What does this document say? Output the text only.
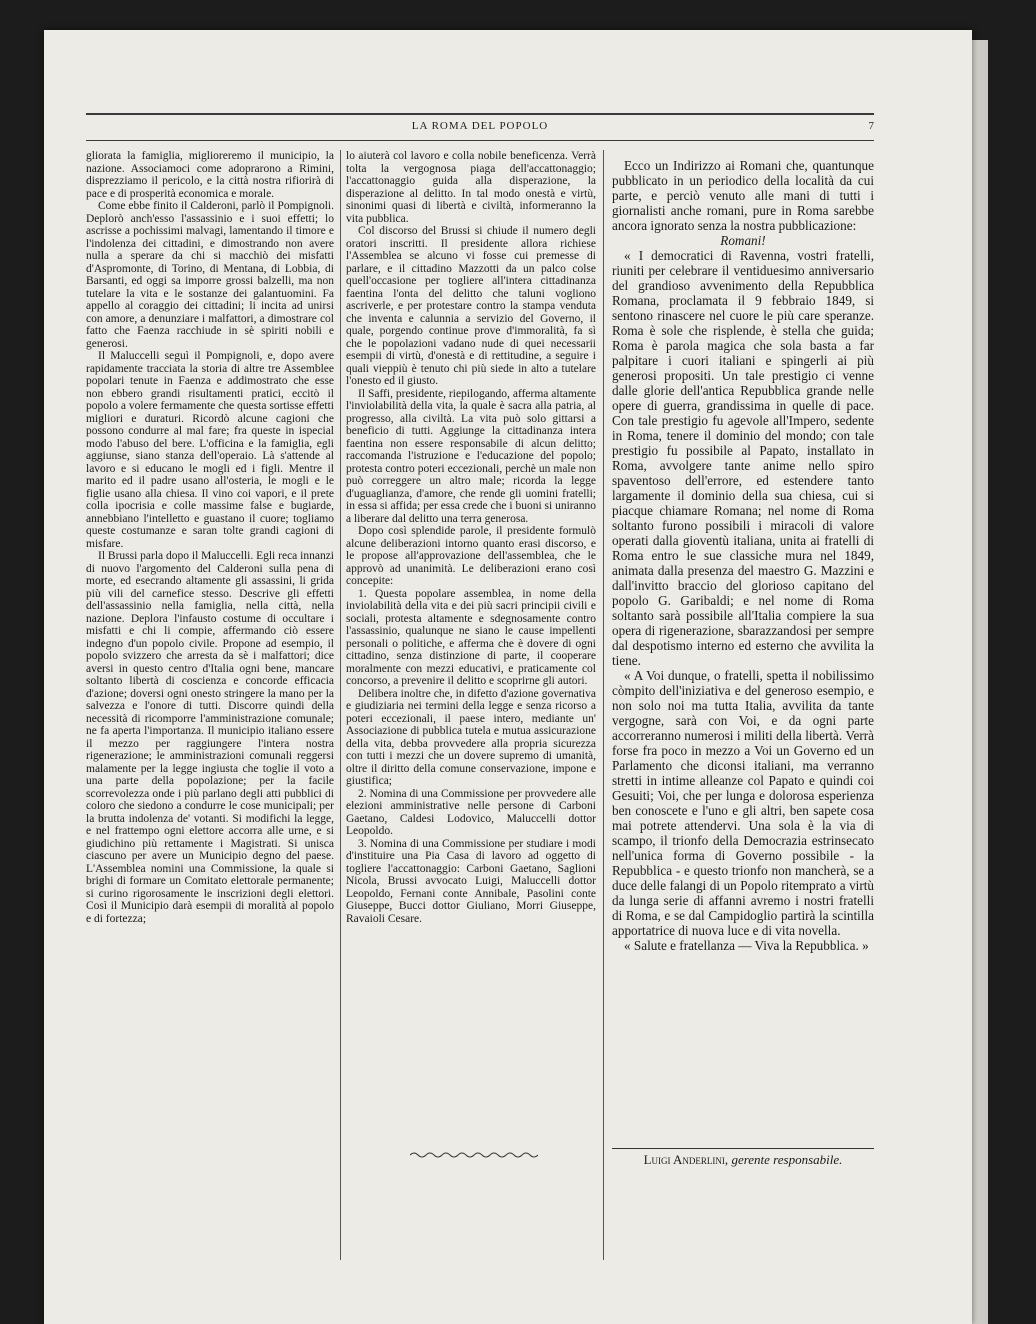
LA ROMA DEL POPOLO	7

gliorata la famiglia, miglioreremo il municipio, la nazione. Associamoci come adoprarono a Rimini, disprezziamo il pericolo, e la città nostra rifiorirà di pace e di prosperità economica e morale.

Come ebbe finito il Calderoni, parlò il Pompignoli. Deplorò anch'esso l'assassinio e i suoi effetti; lo ascrisse a pochissimi malvagi, lamentando il timore e l'indolenza dei cittadini, e dimostrando non avere nulla a sperare da chi si macchiò dei misfatti d'Aspromonte, di Torino, di Mentana, di Lobbia, di Barsanti, ed oggi sa imporre grossi balzelli, ma non tutelare la vita e le sostanze dei galantuomini. Fa appello al coraggio dei cittadini; li incita ad unirsi con amore, a denunziare i malfattori, a dimostrare col fatto che Faenza racchiude in sè spiriti nobili e generosi.

Il Maluccelli seguì il Pompignoli, e, dopo avere rapidamente tracciata la storia di altre tre Assemblee popolari tenute in Faenza e addimostrato che esse non ebbero grandi risultamenti pratici, eccitò il popolo a volere fermamente che questa sortisse effetti migliori e duraturi. Ricordò alcune cagioni che possono condurre al mal fare; fra queste in ispecial modo l'abuso del bere. L'officina e la famiglia, egli aggiunse, siano stanza dell'operaio. Là s'attende al lavoro e si educano le mogli ed i figli. Mentre il marito ed il padre usano all'osteria, le mogli e le figlie usano alla chiesa. Il vino coi vapori, e il prete colla ipocrisia e colle massime false e bugiarde, annebbiano l'intelletto e guastano il cuore; togliamo queste costumanze e saran tolte grandi cagioni di misfare.

Il Brussi parla dopo il Maluccelli. Egli reca innanzi di nuovo l'argomento del Calderoni sulla pena di morte, ed esecrando altamente gli assassini, li grida più vili del carnefice stesso. Descrive gli effetti dell'assassinio nella famiglia, nella città, nella nazione. Deplora l'infausto costume di occultare i misfatti e chi li compie, affermando ciò essere indegno d'un popolo civile. Propone ad esempio, il popolo svizzero che arresta da sè i malfattori; dice aversi in questo centro d'Italia ogni bene, mancare soltanto libertà di coscienza e concorde efficacia d'azione; doversi ogni onesto stringere la mano per la salvezza e l'onore di tutti. Discorre quindi della necessità di ricomporre l'amministrazione comunale; ne fa aperta l'importanza. Il municipio italiano essere il mezzo per raggiungere l'intera nostra rigenerazione; le amministrazioni comunali reggersi malamente per la legge ingiusta che toglie il voto a una parte della popolazione; per la facile scorrevolezza onde i più parlano degli atti pubblici di coloro che siedono a condurre le cose municipali; per la brutta indolenza de' votanti. Si modifichi la legge, e nel frattempo ogni elettore accorra alle urne, e si giudichino più rettamente i Magistrati. Si unisca ciascuno per avere un Municipio degno del paese. L'Assemblea nomini una Commissione, la quale si brighi di formare un Comitato elettorale permanente; si curino rigorosamente le inscrizioni degli elettori. Così il Municipio darà esempii di moralità al popolo e di fortezza;

lo aiuterà col lavoro e colla nobile beneficenza. Verrà tolta la vergognosa piaga dell'accattonaggio; l'accattonaggio guida alla disperazione, la disperazione al delitto. In tal modo onestà e virtù, sinonimi quasi di libertà e civiltà, informeranno la vita pubblica.

Col discorso del Brussi si chiude il numero degli oratori inscritti. Il presidente allora richiese l'Assemblea se alcuno vi fosse cui premesse di parlare, e il cittadino Mazzotti da un palco colse quell'occasione per togliere all'intera cittadinanza faentina l'onta del delitto che taluni vogliono ascriverle, e per protestare contro la stampa venduta che inventa e calunnia a servizio del Governo, il quale, porgendo continue prove d'immoralità, fa sì che le popolazioni vadano nude di quei necessarii esempii di virtù, d'onestà e di rettitudine, a seguire i quali vieppiù è tenuto chi più siede in alto a tutelare l'onesto ed il giusto.

Il Saffi, presidente, riepilogando, afferma altamente l'inviolabilità della vita, la quale è sacra alla patria, al progresso, alla civiltà. La vita può solo gittarsi a beneficio di tutti. Aggiunge la cittadinanza intera faentina non essere responsabile di alcun delitto; raccomanda l'istruzione e l'educazione del popolo; protesta contro poteri eccezionali, perchè un male non può correggere un altro male; ricorda la legge d'uguaglianza, d'amore, che rende gli uomini fratelli; in essa si affida; per essa crede che i buoni si uniranno a liberare dal delitto una terra generosa.

Dopo così splendide parole, il presidente formulò alcune deliberazioni intorno quanto erasi discorso, e le propose all'approvazione dell'assemblea, che le approvò ad unanimità. Le deliberazioni erano così concepite:

1. Questa popolare assemblea, in nome della inviolabilità della vita e dei più sacri principii civili e sociali, protesta altamente e sdegnosamente contro l'assassinio, qualunque ne siano le cause impellenti personali o politiche, e afferma che è dovere di ogni cittadino, senza distinzione di parte, il cooperare moralmente con mezzi educativi, e praticamente col concorso, a prevenire il delitto e scoprirne gli autori.

Delibera inoltre che, in difetto d'azione governativa e giudiziaria nei termini della legge e senza ricorso a poteri eccezionali, il paese intero, mediante un' Associazione di pubblica tutela e mutua assicurazione della vita, debba provvedere alla propria sicurezza con tutti i mezzi che un dovere supremo di umanità, oltre il diritto della comune conservazione, impone e giustifica;

2. Nomina di una Commissione per provvedere alle elezioni amministrative nelle persone di Carboni Gaetano, Caldesi Lodovico, Maluccelli dottor Leopoldo.

3. Nomina di una Commissione per studiare i modi d'instituire una Pia Casa di lavoro ad oggetto di togliere l'accattonaggio: Carboni Gaetano, Saglioni Nicola, Brussi avvocato Luigi, Maluccelli dottor Leopoldo, Fernani conte Annibale, Pasolini conte Giuseppe, Bucci dottor Giuliano, Morri Giuseppe, Ravaioli Cesare.

Ecco un Indirizzo ai Romani che, quantunque pubblicato in un periodico della località da cui parte, e perciò venuto alle mani di tutti i giornalisti anche romani, pure in Roma sarebbe ancora ignorato senza la nostra pubblicazione:

Romani!

« I democratici di Ravenna, vostri fratelli, riuniti per celebrare il ventiduesimo anniversario del grandioso avvenimento della Repubblica Romana, proclamata il 9 febbraio 1849, si sentono rinascere nel cuore le più care speranze. Roma è sole che risplende, è stella che guida; Roma è parola magica che sola basta a far palpitare i cuori italiani e spingerli ai più generosi propositi. Un tale prestigio ci venne dalle glorie dell'antica Repubblica grande nelle opere di guerra, grandissima in quelle di pace. Con tale prestigio fu agevole all'Impero, sedente in Roma, tenere il dominio del mondo; con tale prestigio fu possibile al Papato, installato in Roma, avvolgere tante anime nello spiro spaventoso dell'errore, ed estendere tanto largamente il dominio della sua chiesa, cui si piacque chiamare Romana; nel nome di Roma soltanto furono possibili i miracoli di valore operati dalla gioventù italiana, unita ai fratelli di Roma entro le sue classiche mura nel 1849, animata dalla presenza del maestro G. Mazzini e dall'invitto braccio del glorioso capitano del popolo G. Garibaldi; e nel nome di Roma soltanto sarà possibile all'Italia compiere la sua opera di rigenerazione, sbarazzandosi per sempre dal despotismo interno ed esterno che avvilita la tiene.

« A Voi dunque, o fratelli, spetta il nobilissimo còmpito dell'iniziativa e del generoso esempio, e non solo noi ma tutta Italia, avvilita da tante vergogne, sarà con Voi, e da ogni parte accorreranno numerosi i militi della libertà. Verrà forse fra poco in mezzo a Voi un Governo ed un Parlamento che diconsi italiani, ma verranno stretti in intime alleanze col Papato e quindi coi Gesuiti; Voi, che per lunga e dolorosa esperienza ben conoscete e l'uno e gli altri, ben sapete cosa mai potrete attendervi. Una sola è la via di scampo, il trionfo della Democrazia estrinsecato nell'unica forma di Governo possibile - la Repubblica - e questo trionfo non mancherà, se a duce delle falangi di un Popolo ritemprato a virtù da lunga serie di affanni avremo i nostri fratelli di Roma, e se dal Campidoglio partirà la scintilla apportatrice di nuova luce e di vita novella.

« Salute e fratellanza — Viva la Repubblica. »

Luigi Anderlini, gerente responsabile.
